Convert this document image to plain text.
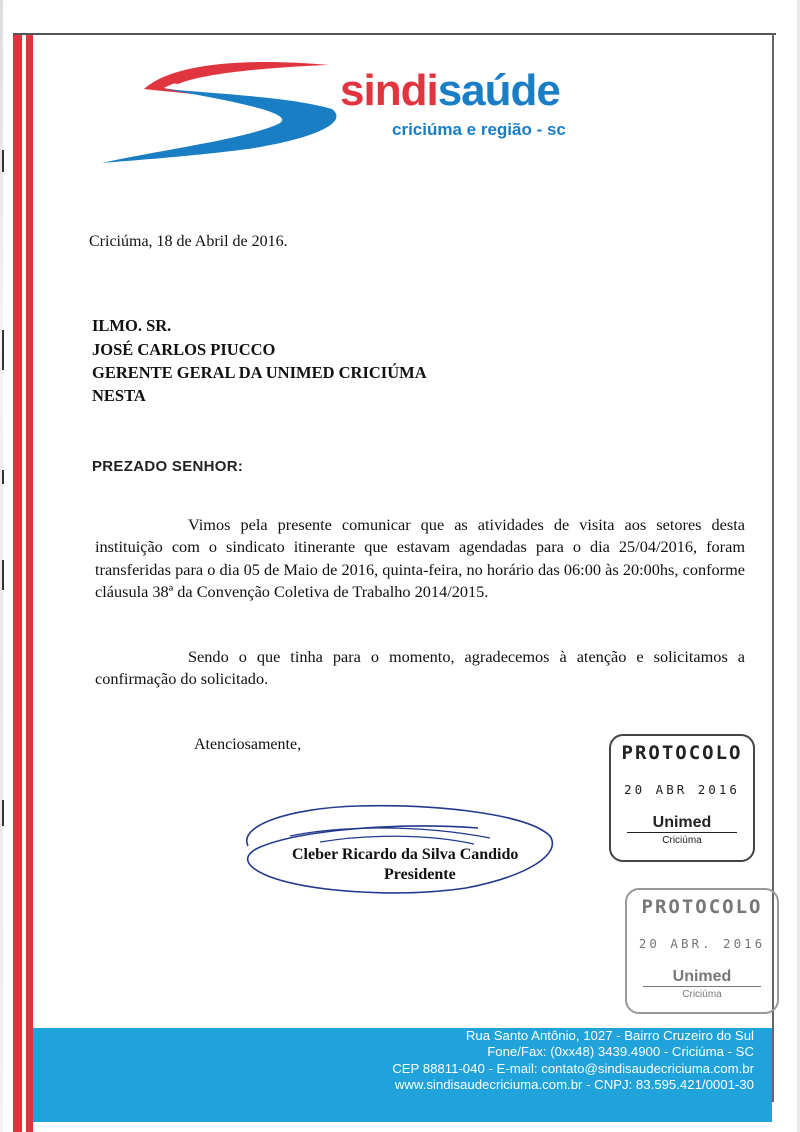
sindisaúde
criciúma e região - sc
Criciúma, 18 de Abril de 2016.
ILMO. SR.
JOSÉ CARLOS PIUCCO
GERENTE GERAL DA UNIMED CRICIÚMA
NESTA
PREZADO SENHOR:
Vimos pela presente comunicar que as atividades de visita aos setores desta instituição com o sindicato itinerante que estavam agendadas para o dia 25/04/2016, foram transferidas para o dia 05 de Maio de 2016, quinta-feira, no horário das 06:00 às 20:00hs, conforme cláusula 38ª da Convenção Coletiva de Trabalho 2014/2015.
Sendo o que tinha para o momento, agradecemos à atenção e solicitamos a confirmação do solicitado.
Atenciosamente,
Cleber Ricardo da Silva Candido
Presidente
PROTOCOLO
20 ABR 2016
Unimed
Criciúma
PROTOCOLO
20 ABR. 2016
Unimed
Criciúma
Rua Santo Antônio, 1027 - Bairro Cruzeiro do Sul
Fone/Fax: (0xx48) 3439.4900 - Criciúma - SC
CEP 88811-040 - E-mail: contato@sindisaudecriciuma.com.br
www.sindisaudecriciuma.com.br - CNPJ: 83.595.421/0001-30
